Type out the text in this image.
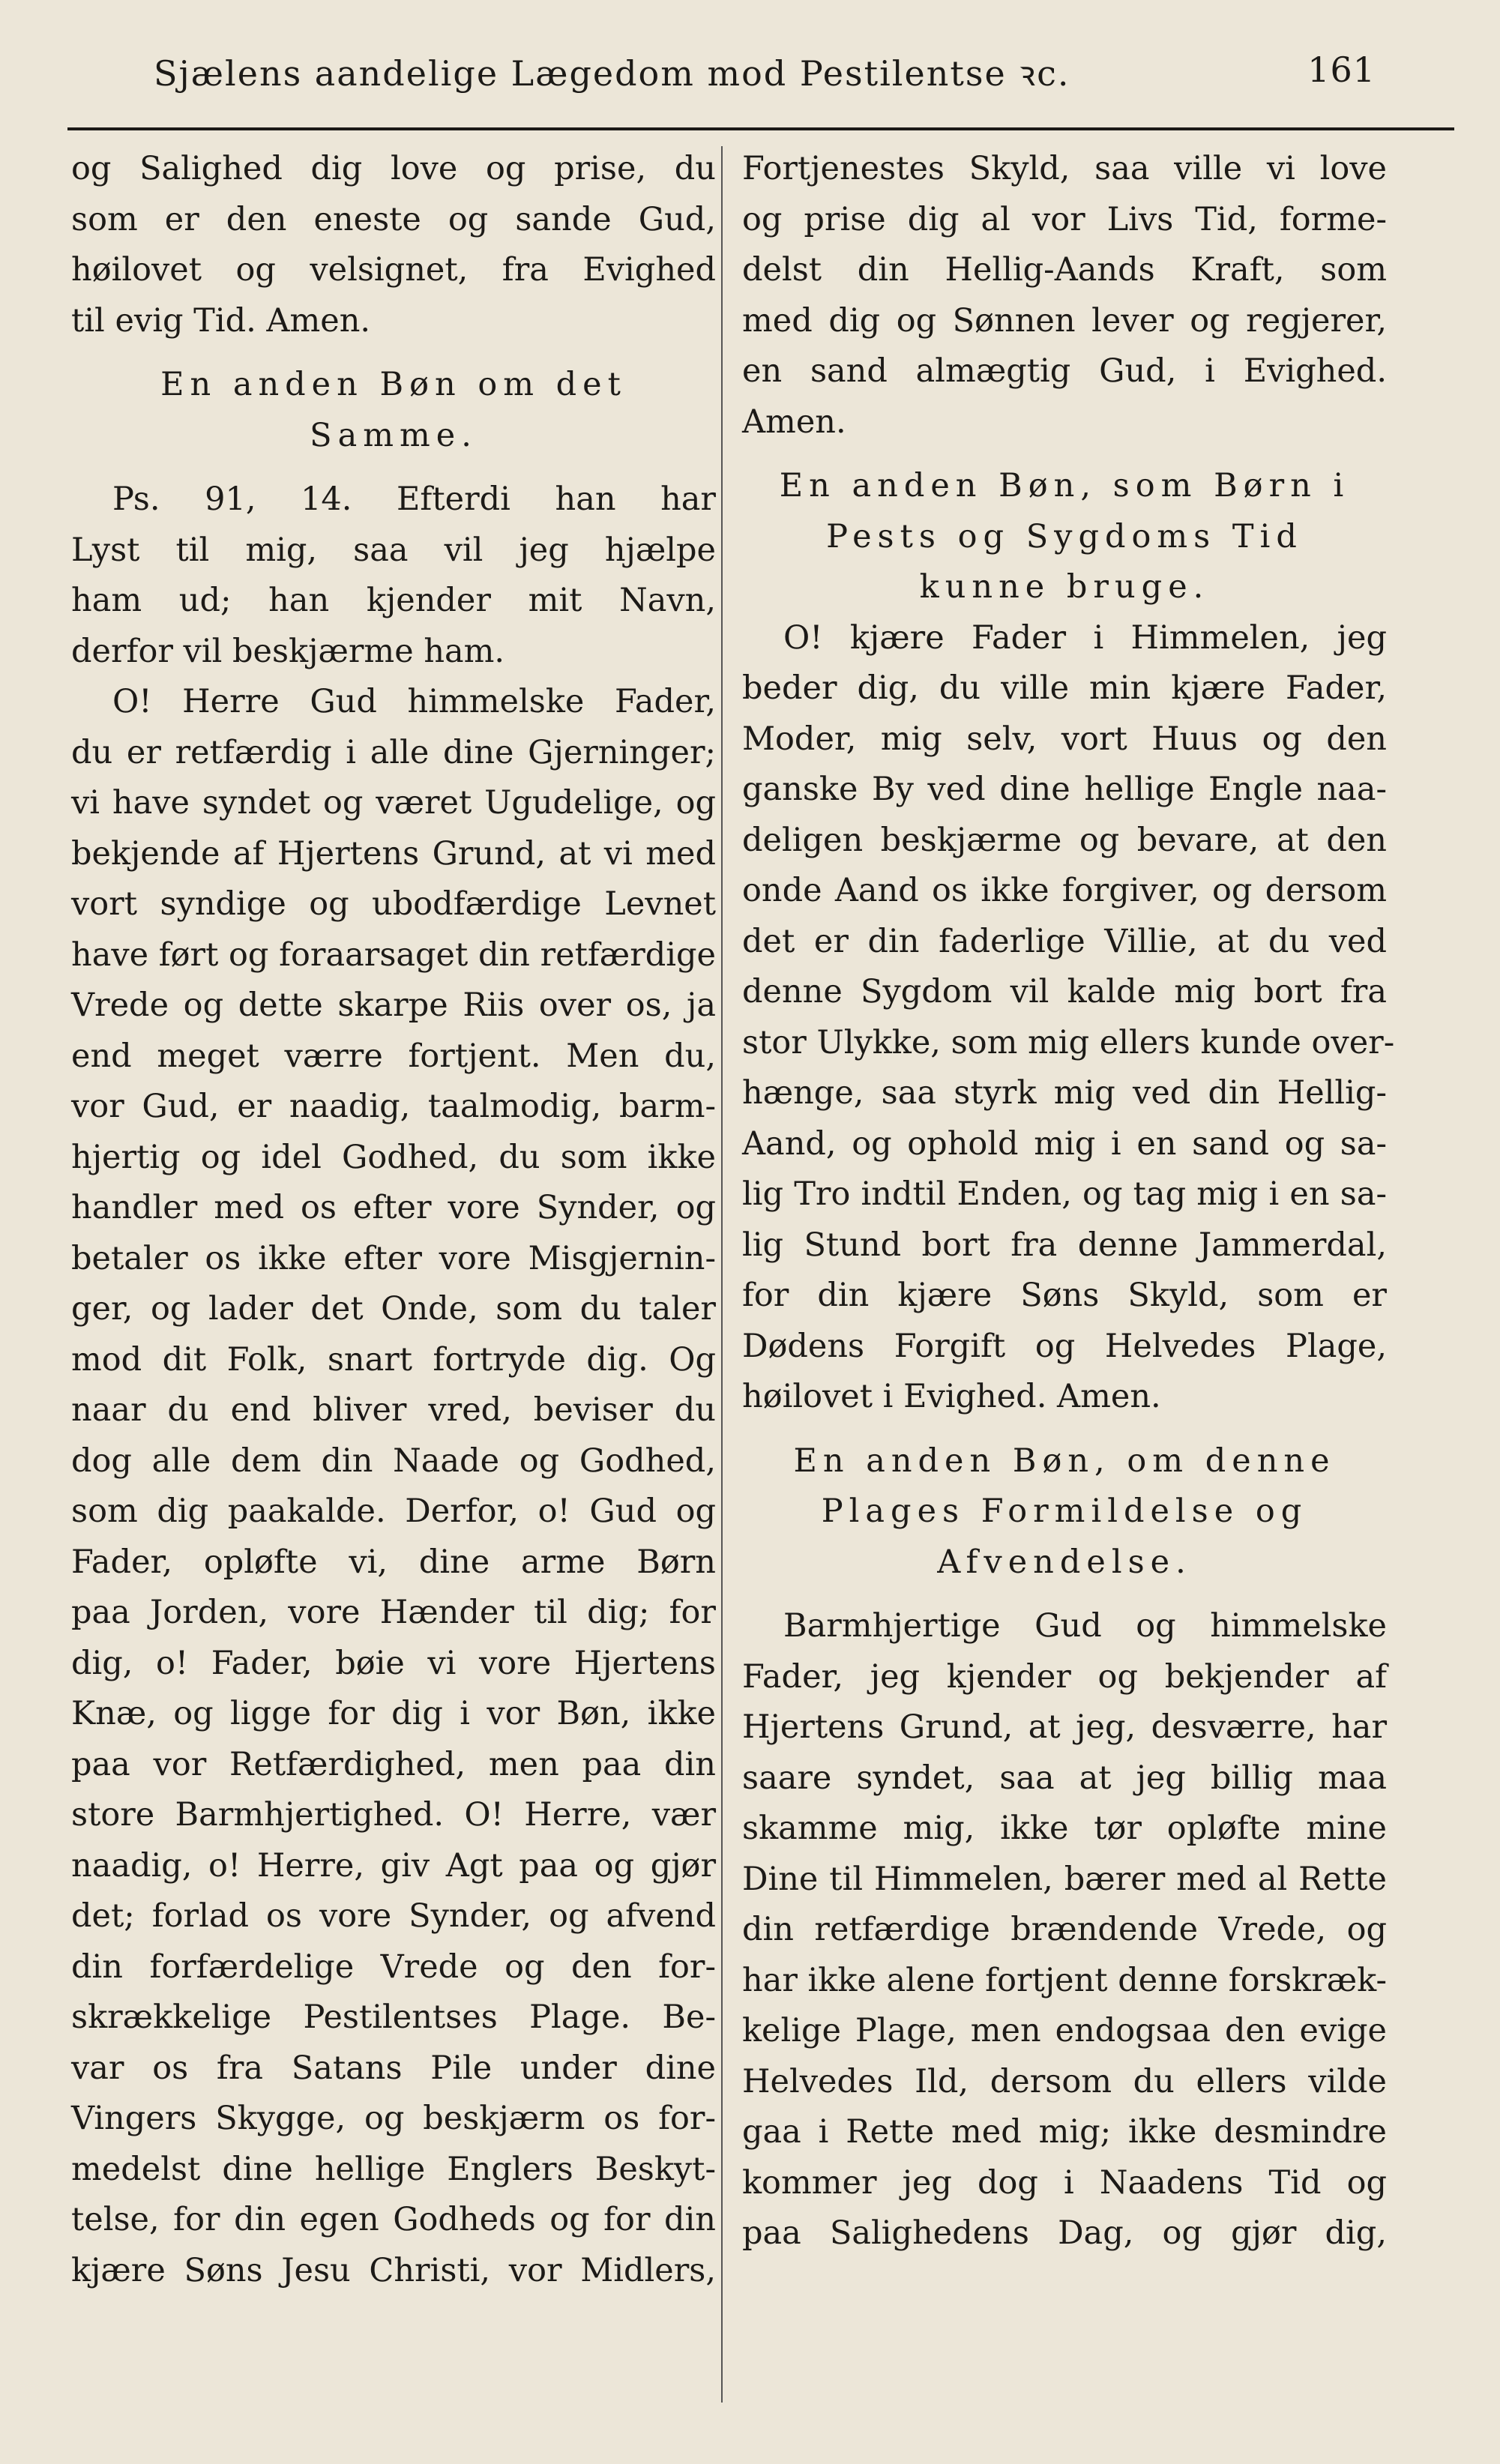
Sjælens aandelige Lægedom mod Pestilentse ꝛc.	161
og Salighed dig love og prise, du
som er den eneste og sande Gud,
høilovet og velsignet, fra Evighed
til evig Tid. Amen.
En anden Bøn om det
Samme.
Ps. 91, 14. Efterdi han har
Lyst til mig, saa vil jeg hjælpe
ham ud; han kjender mit Navn,
derfor vil beskjærme ham.
O! Herre Gud himmelske Fader,
du er retfærdig i alle dine Gjerninger;
vi have syndet og været Ugudelige, og
bekjende af Hjertens Grund, at vi med
vort syndige og ubodfærdige Levnet
have ført og foraarsaget din retfærdige
Vrede og dette skarpe Riis over os, ja
end meget værre fortjent. Men du,
vor Gud, er naadig, taalmodig, barm-
hjertig og idel Godhed, du som ikke
handler med os efter vore Synder, og
betaler os ikke efter vore Misgjernin-
ger, og lader det Onde, som du taler
mod dit Folk, snart fortryde dig. Og
naar du end bliver vred, beviser du
dog alle dem din Naade og Godhed,
som dig paakalde. Derfor, o! Gud og
Fader, opløfte vi, dine arme Børn
paa Jorden, vore Hænder til dig; for
dig, o! Fader, bøie vi vore Hjertens
Knæ, og ligge for dig i vor Bøn, ikke
paa vor Retfærdighed, men paa din
store Barmhjertighed. O! Herre, vær
naadig, o! Herre, giv Agt paa og gjør
det; forlad os vore Synder, og afvend
din forfærdelige Vrede og den for-
skrækkelige Pestilentses Plage. Be-
var os fra Satans Pile under dine
Vingers Skygge, og beskjærm os for-
medelst dine hellige Englers Beskyt-
telse, for din egen Godheds og for din
kjære Søns Jesu Christi, vor Midlers,
Fortjenestes Skyld, saa ville vi love
og prise dig al vor Livs Tid, forme-
delst din Hellig-Aands Kraft, som
med dig og Sønnen lever og regjerer,
en sand almægtig Gud, i Evighed.
Amen.
En anden Bøn, som Børn i
Pests og Sygdoms Tid
kunne bruge.
O! kjære Fader i Himmelen, jeg
beder dig, du ville min kjære Fader,
Moder, mig selv, vort Huus og den
ganske By ved dine hellige Engle naa-
deligen beskjærme og bevare, at den
onde Aand os ikke forgiver, og dersom
det er din faderlige Villie, at du ved
denne Sygdom vil kalde mig bort fra
stor Ulykke, som mig ellers kunde over-
hænge, saa styrk mig ved din Hellig-
Aand, og ophold mig i en sand og sa-
lig Tro indtil Enden, og tag mig i en sa-
lig Stund bort fra denne Jammerdal,
for din kjære Søns Skyld, som er
Dødens Forgift og Helvedes Plage,
høilovet i Evighed. Amen.
En anden Bøn, om denne
Plages Formildelse og
Afvendelse.
Barmhjertige Gud og himmelske
Fader, jeg kjender og bekjender af
Hjertens Grund, at jeg, desværre, har
saare syndet, saa at jeg billig maa
skamme mig, ikke tør opløfte mine
Dine til Himmelen, bærer med al Rette
din retfærdige brændende Vrede, og
har ikke alene fortjent denne forskræk-
kelige Plage, men endogsaa den evige
Helvedes Ild, dersom du ellers vilde
gaa i Rette med mig; ikke desmindre
kommer jeg dog i Naadens Tid og
paa Salighedens Dag, og gjør dig,
